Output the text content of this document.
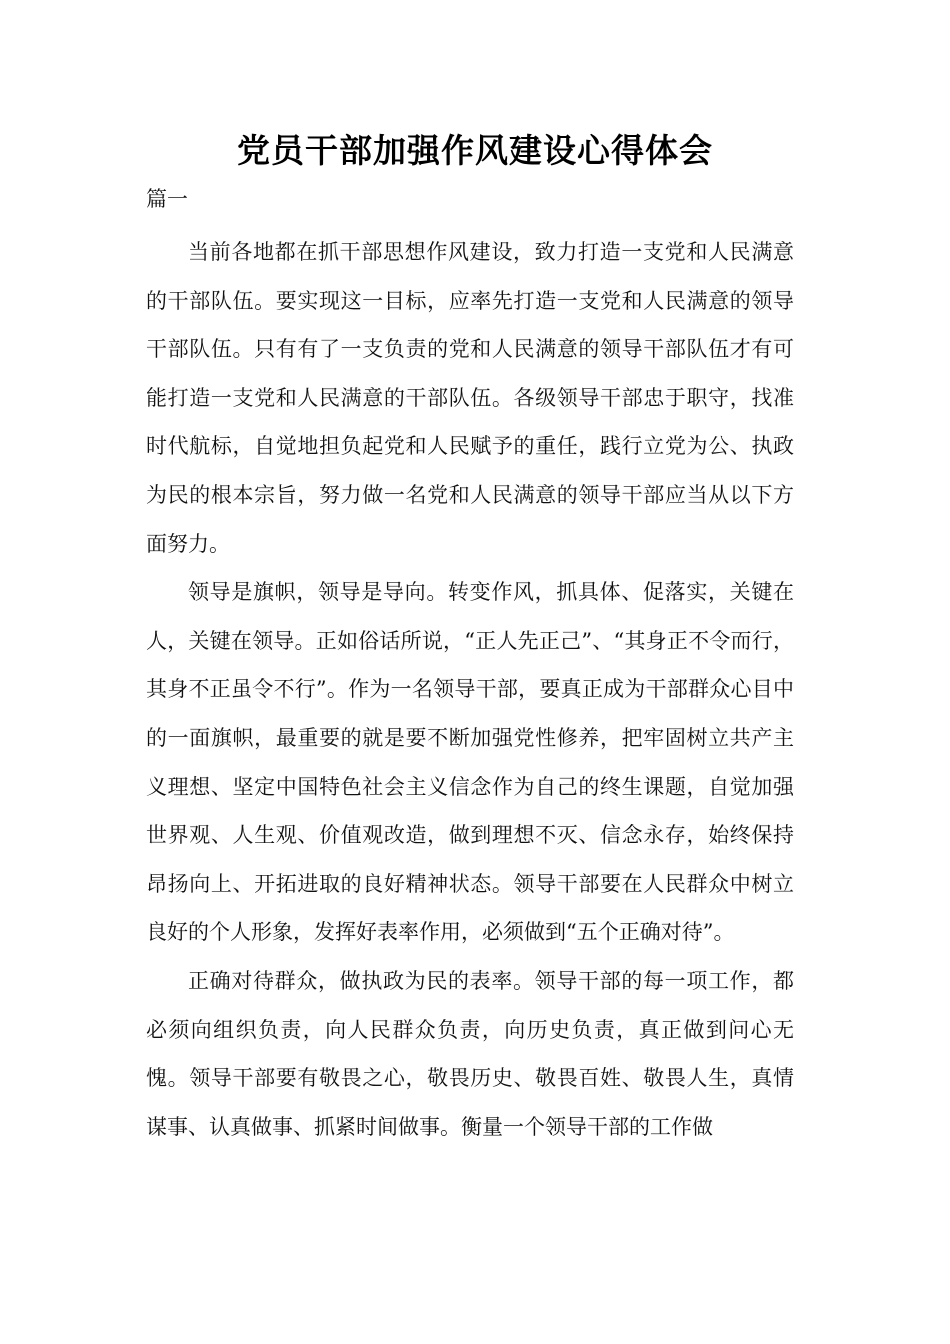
党员干部加强作风建设心得体会
篇一

当前各地都在抓干部思想作风建设，致力打造一支党和人民满意的干部队伍。要实现这一目标，应率先打造一支党和人民满意的领导干部队伍。只有有了一支负责的党和人民满意的领导干部队伍才有可能打造一支党和人民满意的干部队伍。各级领导干部忠于职守，找准时代航标，自觉地担负起党和人民赋予的重任，践行立党为公、执政为民的根本宗旨，努力做一名党和人民满意的领导干部应当从以下方面努力。

领导是旗帜，领导是导向。转变作风，抓具体、促落实，关键在人，关键在领导。正如俗话所说，“正人先正己”、“其身正不令而行，其身不正虽令不行”。作为一名领导干部，要真正成为干部群众心目中的一面旗帜，最重要的就是要不断加强党性修养，把牢固树立共产主义理想、坚定中国特色社会主义信念作为自己的终生课题，自觉加强世界观、人生观、价值观改造，做到理想不灭、信念永存，始终保持昂扬向上、开拓进取的良好精神状态。领导干部要在人民群众中树立良好的个人形象，发挥好表率作用，必须做到“五个正确对待”。

正确对待群众，做执政为民的表率。领导干部的每一项工作，都必须向组织负责，向人民群众负责，向历史负责，真正做到问心无愧。领导干部要有敬畏之心，敬畏历史、敬畏百姓、敬畏人生，真情谋事、认真做事、抓紧时间做事。衡量一个领导干部的工作做
